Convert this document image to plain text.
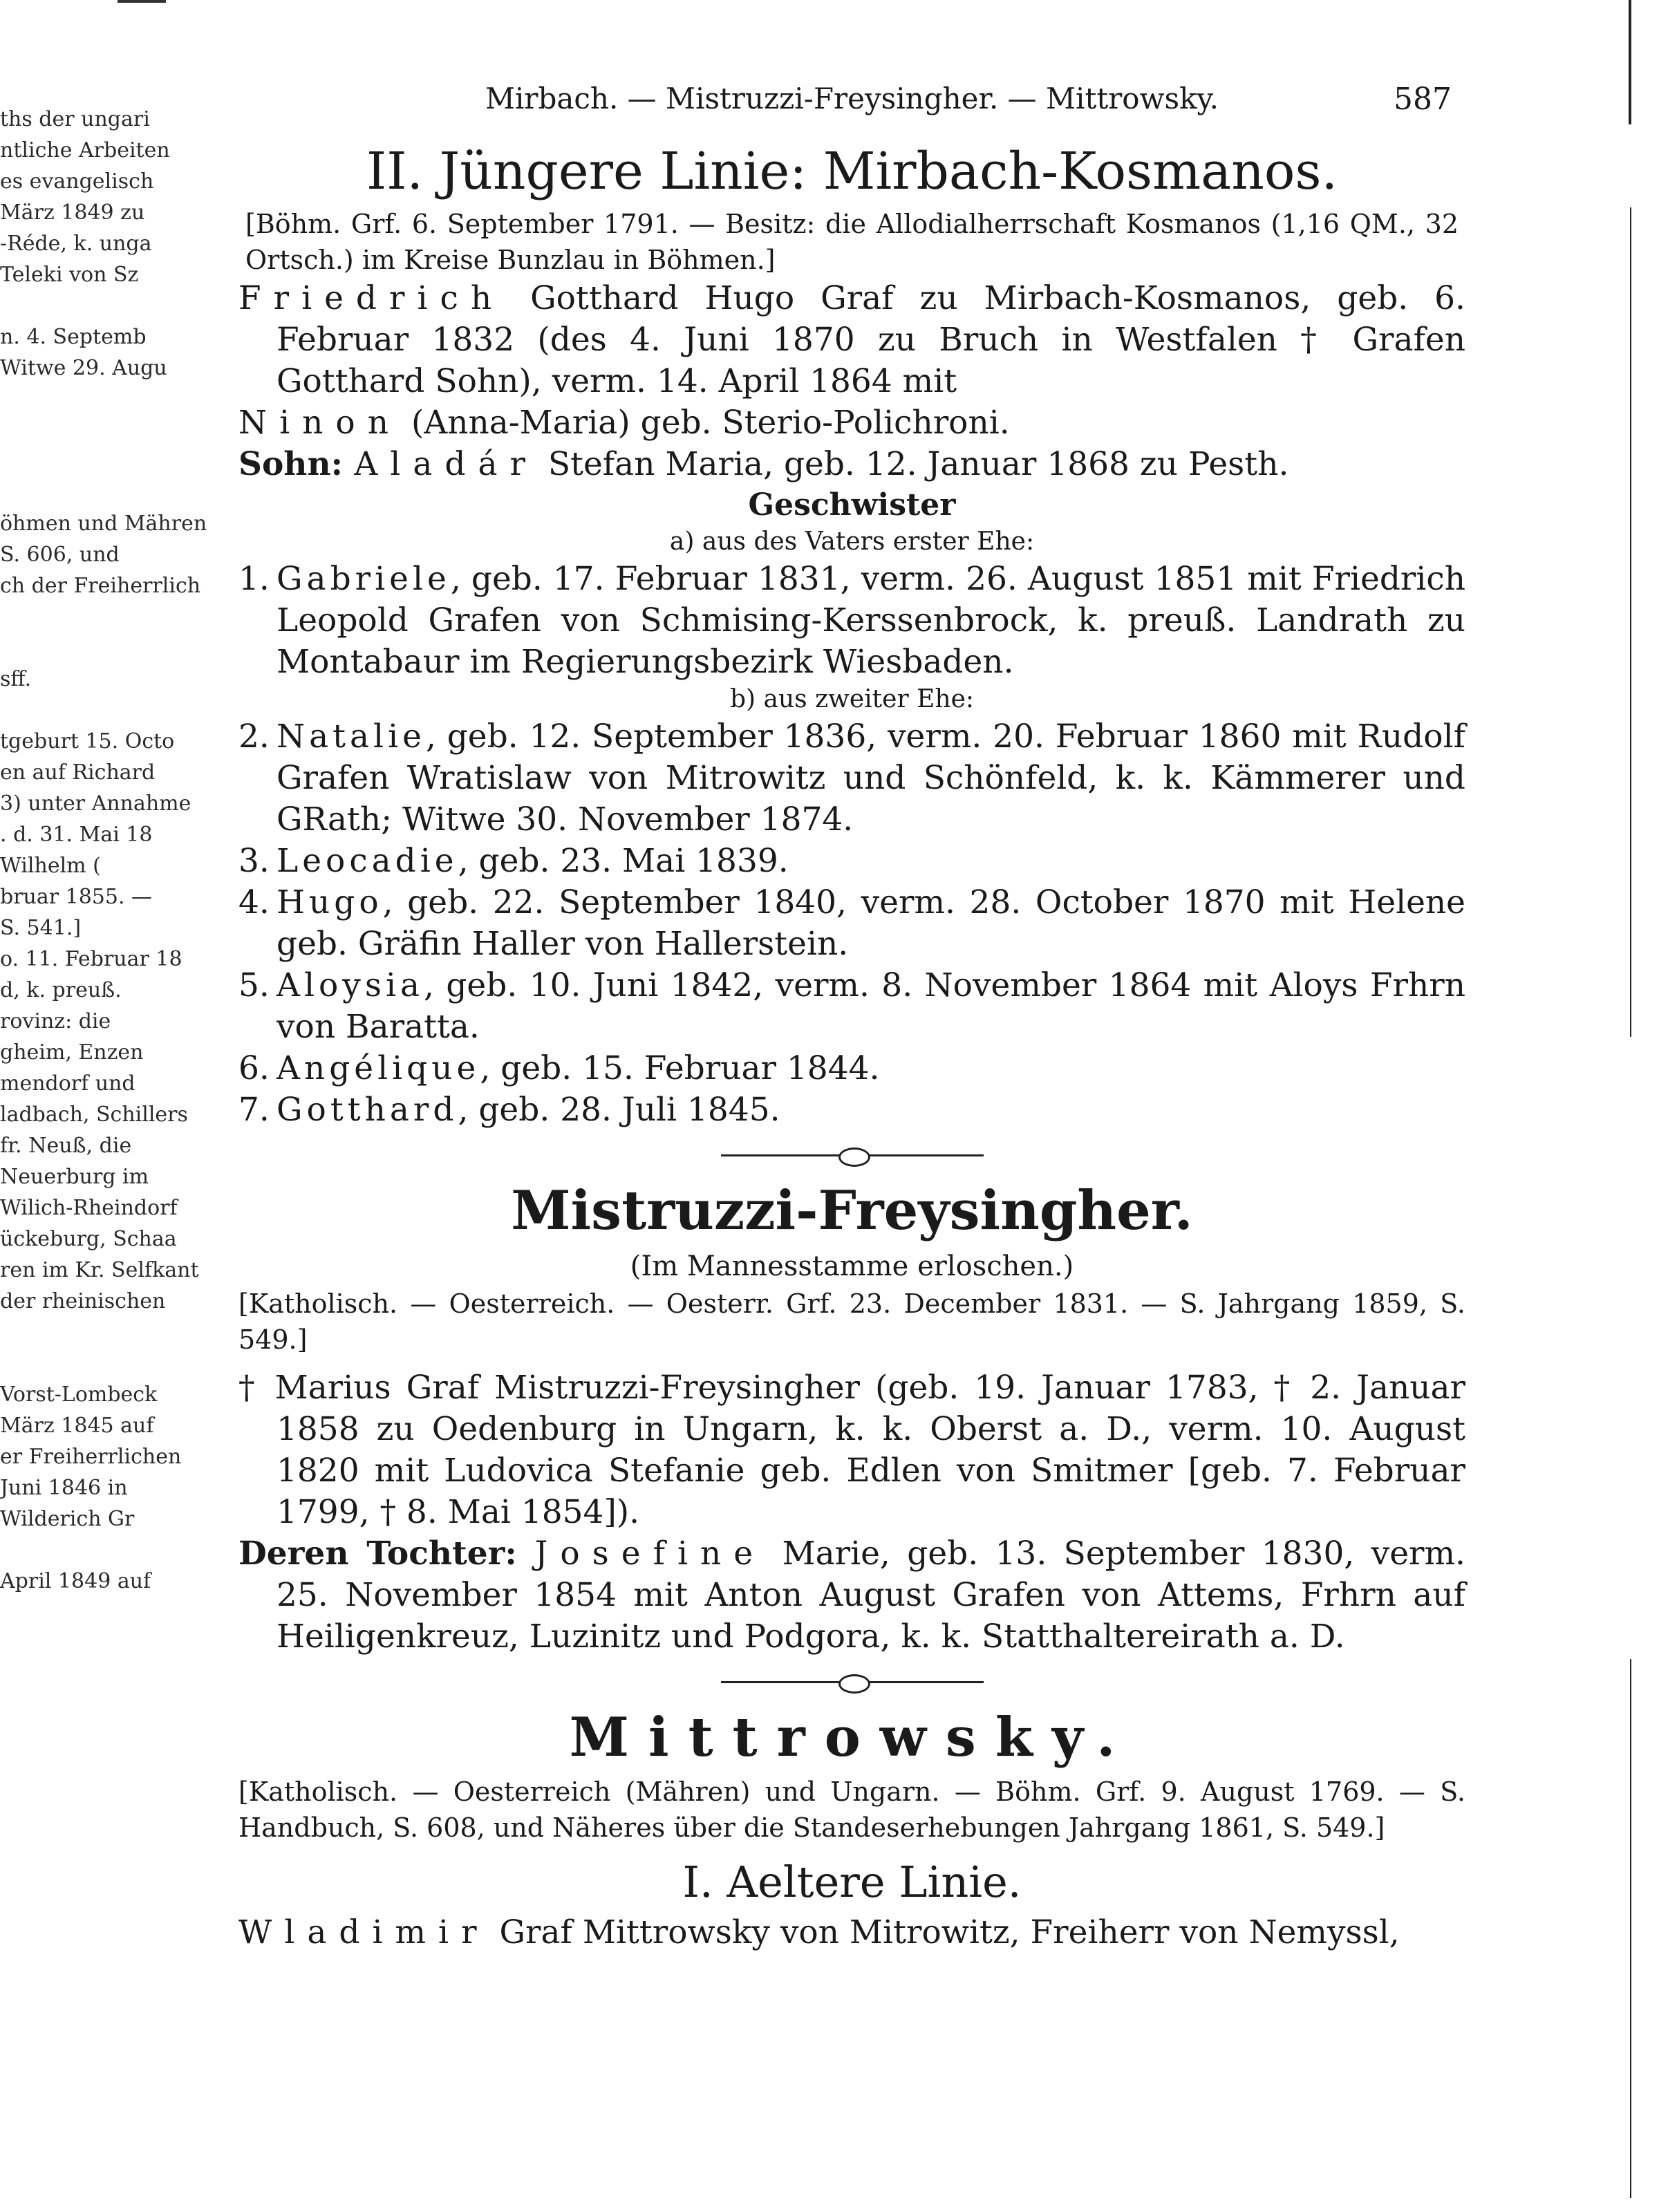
ths der ungari
ntliche Arbeiten
es evangelisch
März 1849 zu
-Réde, k. unga
Teleki von Sz
n. 4. Septemb
Witwe 29. Augu
öhmen und Mähren
S. 606, und
ch der Freiherrlich
sff.
tgeburt 15. Octo
en auf Richard
3) unter Annahme
. d. 31. Mai 18
Wilhelm (
bruar 1855. —
S. 541.]
o. 11. Februar 18
d, k. preuß.
rovinz: die
gheim, Enzen
mendorf und
ladbach, Schillers
fr. Neuß, die
Neuerburg im
Wilich-Rheindorf
ückeburg, Schaa
ren im Kr. Selfkant
der rheinischen
Vorst-Lombeck
März 1845 auf
er Freiherrlichen
Juni 1846 in
Wilderich Gr
April 1849 auf
Mirbach. — Mistruzzi-Freysingher. — Mittrowsky.	587
II. Jüngere Linie: Mirbach-Kosmanos.
[Böhm. Grf. 6. September 1791. — Besitz: die Allodialherrschaft Kosmanos (1,16 QM., 32 Ortsch.) im Kreise Bunzlau in Böhmen.]

Friedrich Gotthard Hugo Graf zu Mirbach-Kosmanos, geb. 6. Februar 1832 (des 4. Juni 1870 zu Bruch in Westfalen † Grafen Gotthard Sohn), verm. 14. April 1864 mit

Ninon (Anna-Maria) geb. Sterio-Polichroni.

Sohn: Aladár Stefan Maria, geb. 12. Januar 1868 zu Pesth.

Geschwister

a) aus des Vaters erster Ehe:

1. Gabriele, geb. 17. Februar 1831, verm. 26. August 1851 mit Friedrich Leopold Grafen von Schmising-Kerssenbrock, k. preuß. Landrath zu Montabaur im Regierungsbezirk Wiesbaden.

b) aus zweiter Ehe:

2. Natalie, geb. 12. September 1836, verm. 20. Februar 1860 mit Rudolf Grafen Wratislaw von Mitrowitz und Schönfeld, k. k. Kämmerer und GRath; Witwe 30. November 1874.
3. Leocadie, geb. 23. Mai 1839.
4. Hugo, geb. 22. September 1840, verm. 28. October 1870 mit Helene geb. Gräfin Haller von Hallerstein.
5. Aloysia, geb. 10. Juni 1842, verm. 8. November 1864 mit Aloys Frhrn von Baratta.
6. Angélique, geb. 15. Februar 1844.
7. Gotthard, geb. 28. Juli 1845.
Mistruzzi-Freysingher.

(Im Mannesstamme erloschen.)

[Katholisch. — Oesterreich. — Oesterr. Grf. 23. December 1831. — S. Jahrgang 1859, S. 549.]

† Marius Graf Mistruzzi-Freysingher (geb. 19. Januar 1783, † 2. Januar 1858 zu Oedenburg in Ungarn, k. k. Oberst a. D., verm. 10. August 1820 mit Ludovica Stefanie geb. Edlen von Smitmer [geb. 7. Februar 1799, † 8. Mai 1854]).

Deren Tochter: Josefine Marie, geb. 13. September 1830, verm. 25. November 1854 mit Anton August Grafen von Attems, Frhrn auf Heiligenkreuz, Luzinitz und Podgora, k. k. Statthaltereirath a. D.

Mittrowsky.
[Katholisch. — Oesterreich (Mähren) und Ungarn. — Böhm. Grf. 9. August 1769. — S. Handbuch, S. 608, und Näheres über die Standeserhebungen Jahrgang 1861, S. 549.]
I. Aeltere Linie.

Wladimir Graf Mittrowsky von Mitrowitz, Freiherr von Nemyssl,
